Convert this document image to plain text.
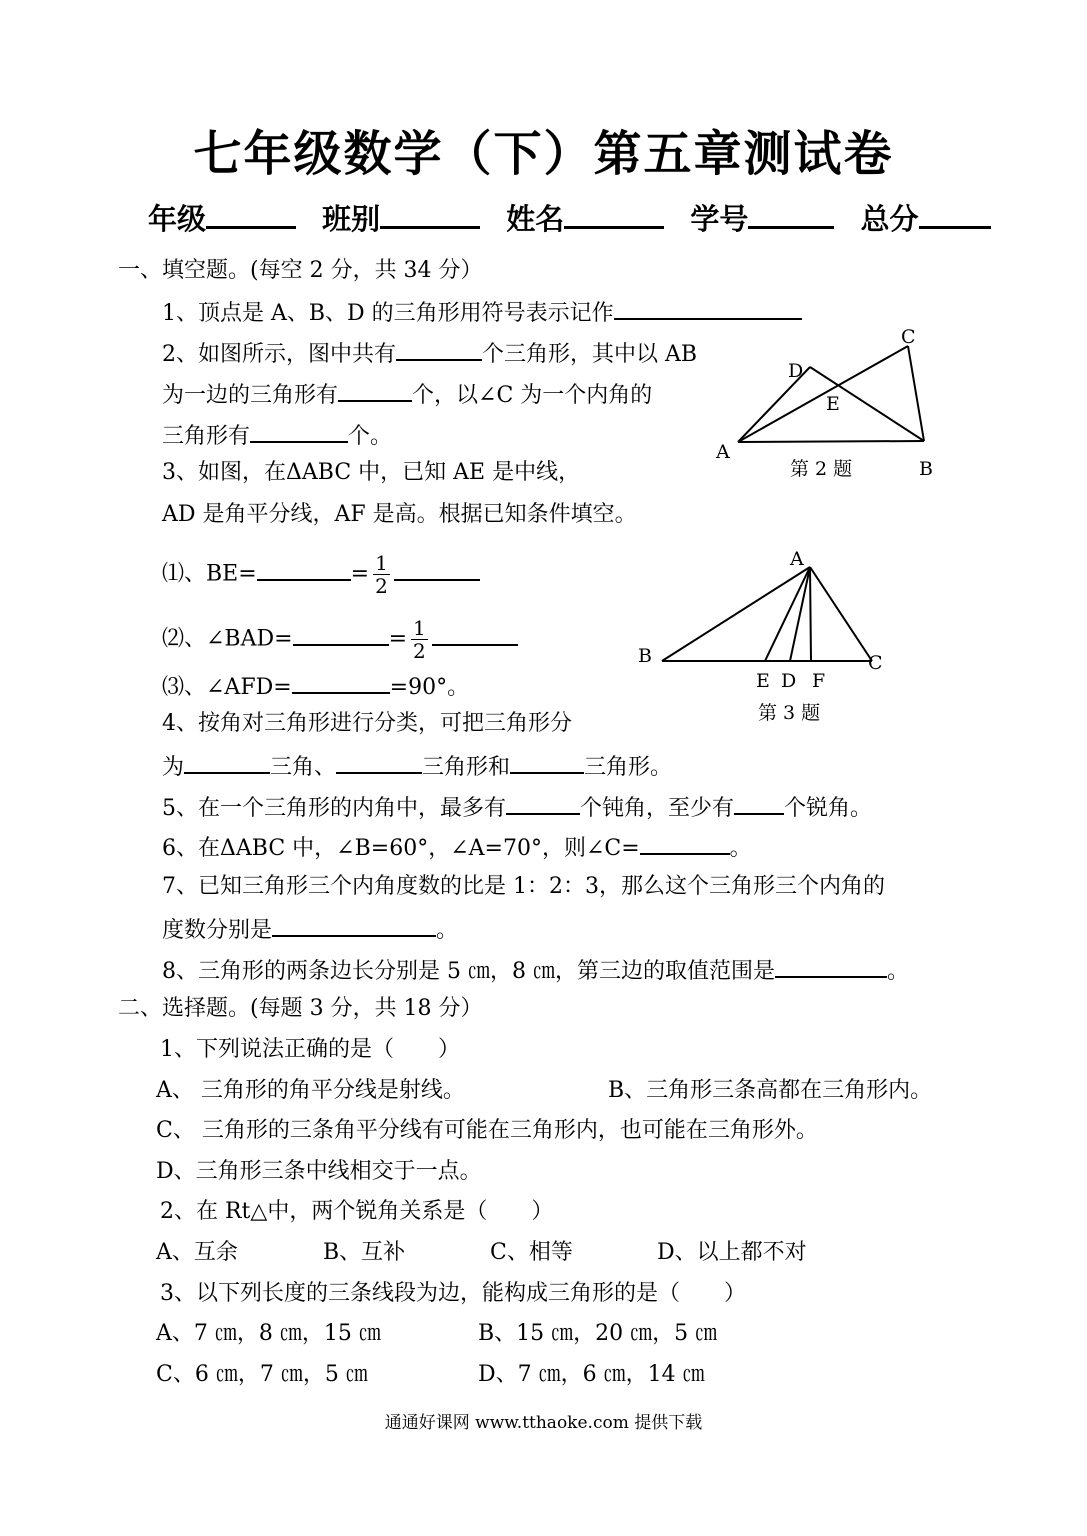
七年级数学（下）第五章测试卷
年级	班别	姓名	学号	总分
一、填空题。(每空 2 分，共 34 分）
1、顶点是 A、B、D 的三角形用符号表示记作
2、如图所示，图中共有	个三角形，其中以 AB
为一边的三角形有	个，以∠C 为一个内角的
三角形有	个。
A
B
C
D
E
第 2 题
3、如图，在ΔABC 中，已知 AE 是中线，
AD 是角平分线，AF 是高。根据已知条件填空。
⑴、BE=	= $\frac{1}{2}$
⑵、∠BAD=	= $\frac{1}{2}$
⑶、∠AFD=	=90°。
A
B	C
E D F
第 3 题
4、按角对三角形进行分类，可把三角形分
为	三角、	三角形和	三角形。
5、在一个三角形的内角中，最多有	个钝角，至少有 个锐角。
6、在ΔABC 中，∠B=60°，∠A=70°，则∠C=	。
7、已知三角形三个内角度数的比是 1：2：3，那么这个三角形三个内角的
度数分别是	。
8、三角形的两条边长分别是 5 ㎝，8 ㎝，第三边的取值范围是	。
二、选择题。(每题 3 分，共 18 分）
1、下列说法正确的是（　　）
A、 三角形的角平分线是射线。	B、三角形三条高都在三角形内。
C、 三角形的三条角平分线有可能在三角形内，也可能在三角形外。
D、三角形三条中线相交于一点。
2、在 Rt△中，两个锐角关系是（　　）
A、互余	B、互补	C、相等	D、以上都不对
3、以下列长度的三条线段为边，能构成三角形的是（　　）
A、7 ㎝，8 ㎝，15 ㎝	B、15 ㎝，20 ㎝，5 ㎝
C、6 ㎝，7 ㎝，5 ㎝	D、7 ㎝，6 ㎝，14 ㎝
通通好课网 www.tthaoke.com 提供下载
